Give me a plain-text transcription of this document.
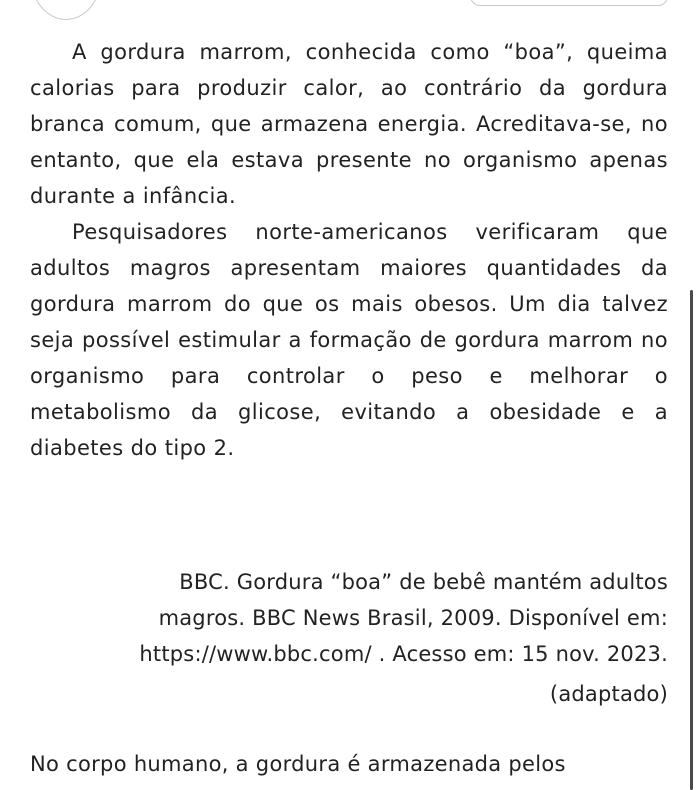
A gordura marrom, conhecida como “boa”, queima calorias para produzir calor, ao contrário da gordura branca comum, que armazena energia. Acreditava-se, no entanto, que ela estava presente no organismo apenas durante a infância.

Pesquisadores norte-americanos verificaram que adultos magros apresentam maiores quantidades da gordura marrom do que os mais obesos. Um dia talvez seja possível estimular a formação de gordura marrom no organismo para controlar o peso e melhorar o metabolismo da glicose, evitando a obesidade e a diabetes do tipo 2.

BBC. Gordura “boa” de bebê mantém adultos

magros. BBC News Brasil, 2009. Disponível em:

https://www.bbc.com/ . Acesso em: 15 nov. 2023.

(adaptado)

No corpo humano, a gordura é armazenada pelos
